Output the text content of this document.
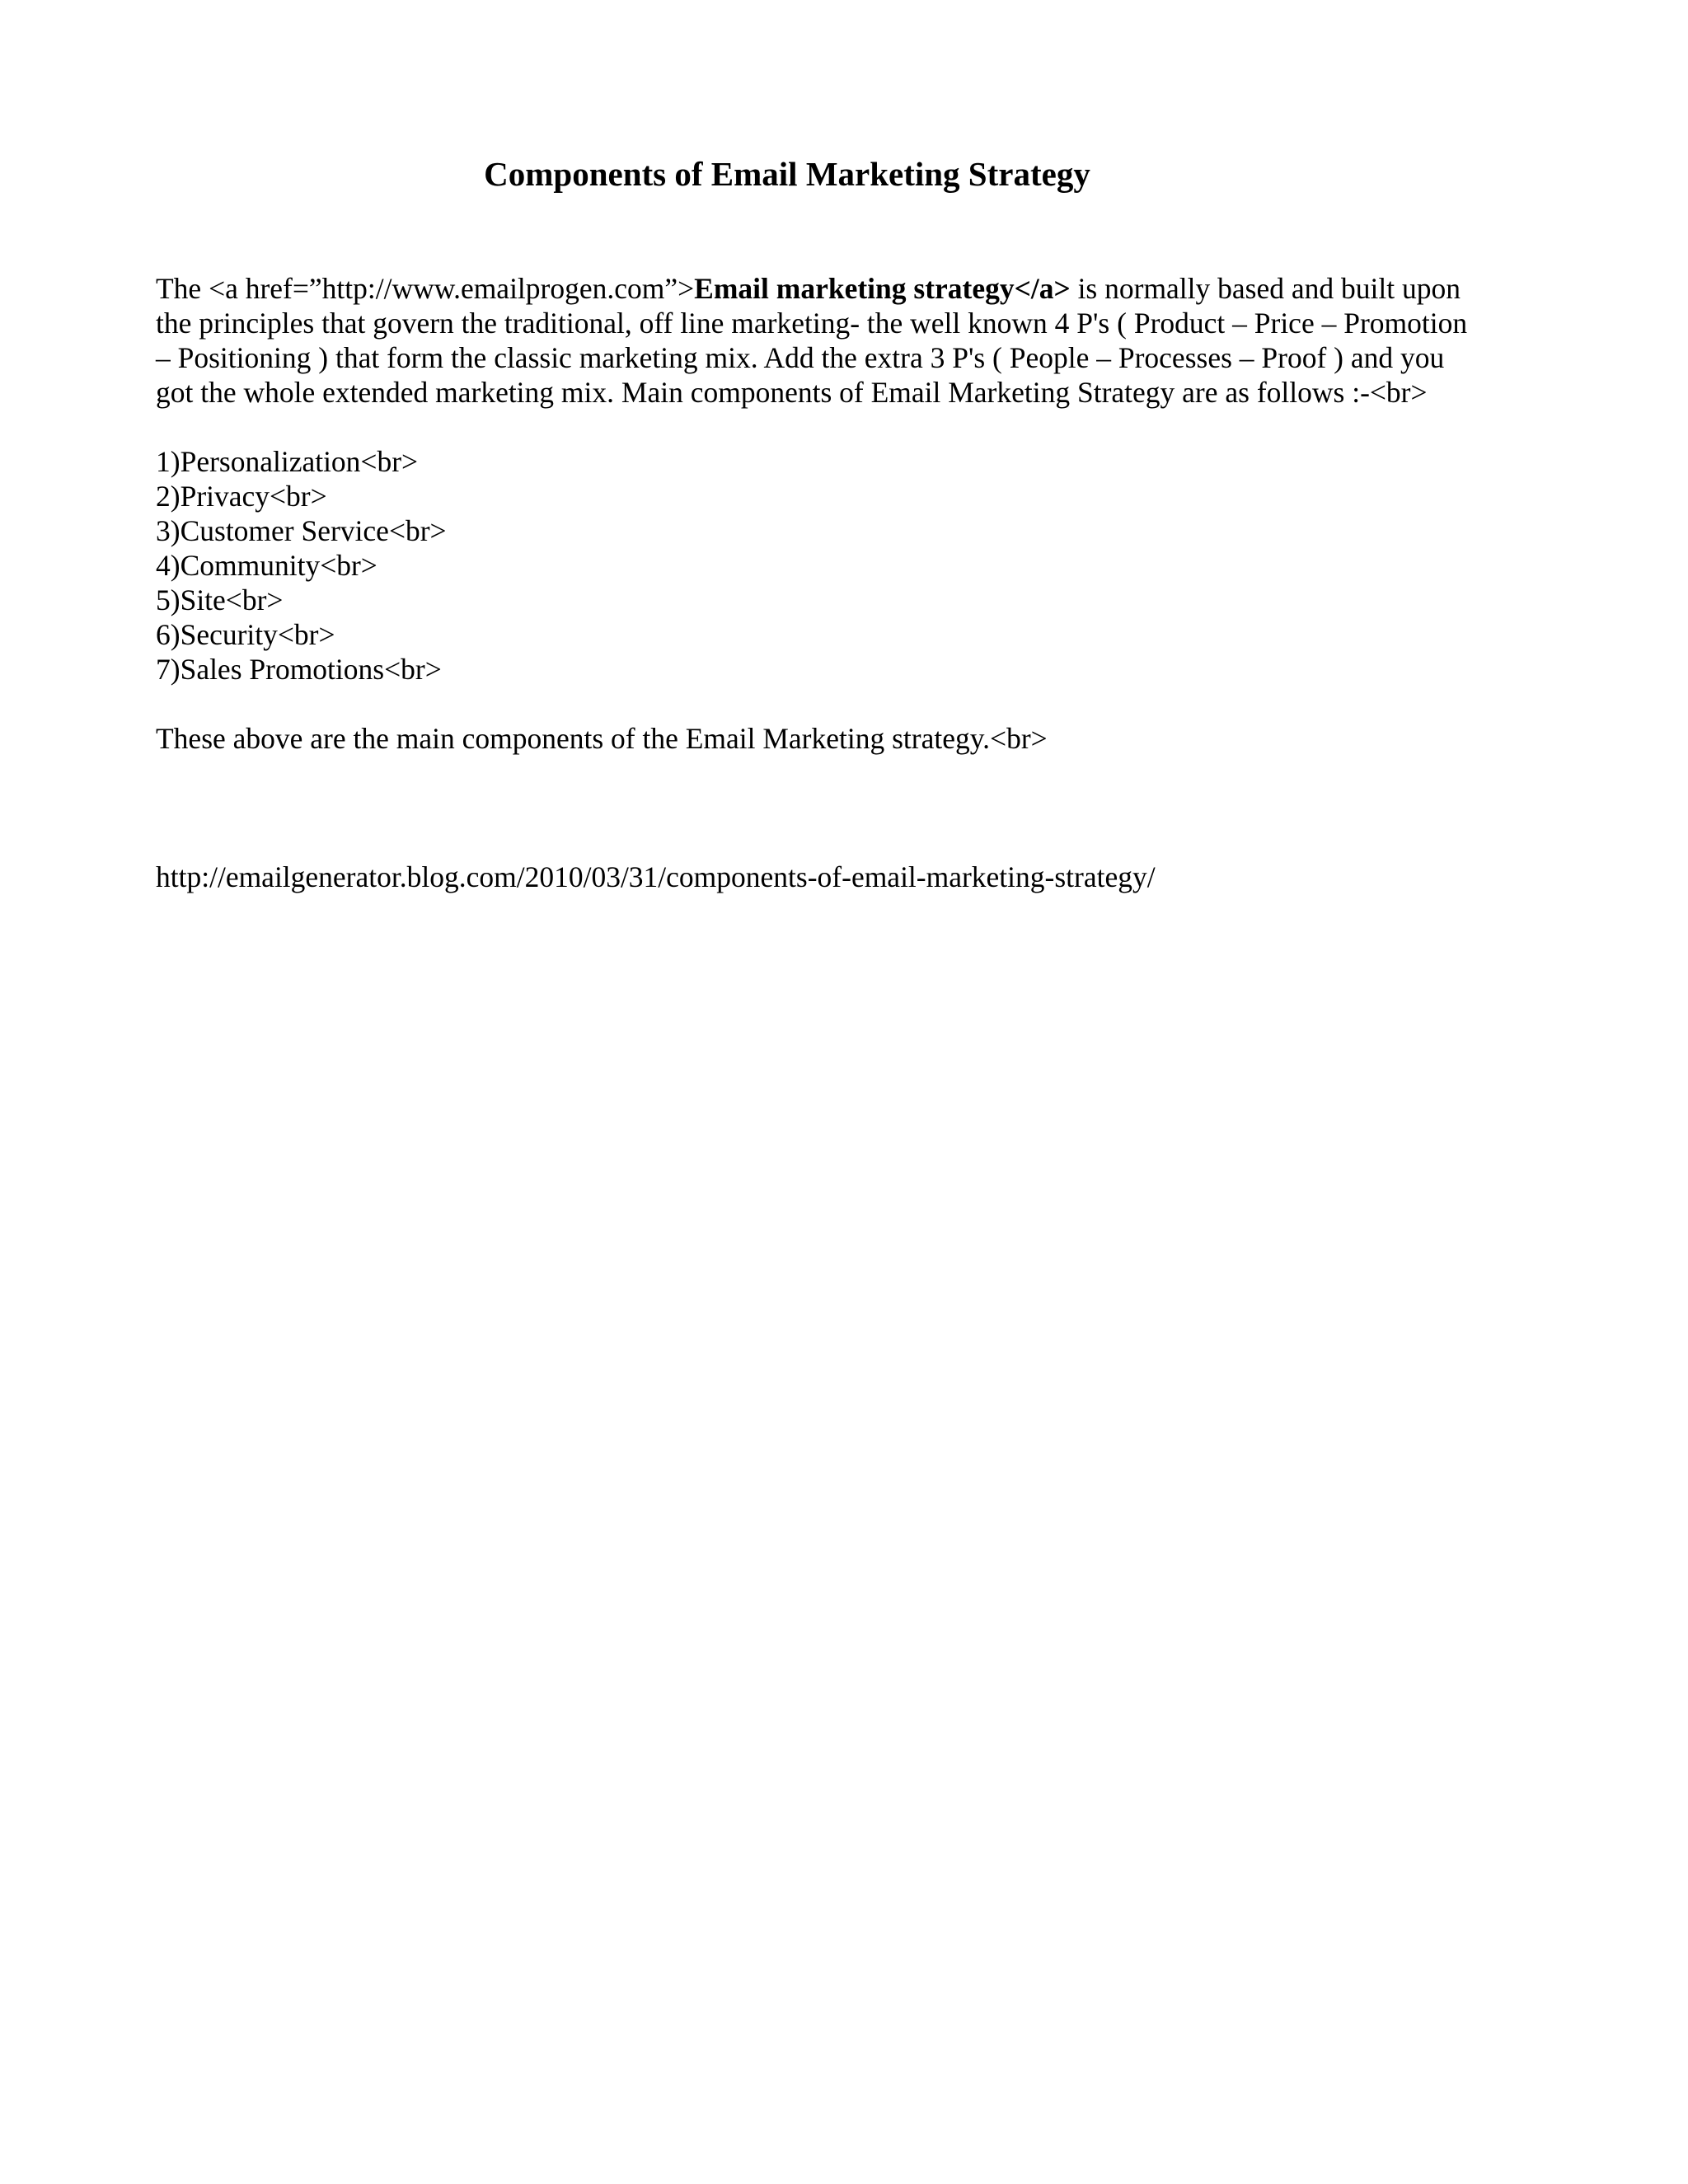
Components of Email Marketing Strategy

The <a href=”http://www.emailprogen.com”>Email marketing strategy</a> is normally based and built upon
the principles that govern the traditional, off line marketing- the well known 4 P's ( Product – Price – Promotion
– Positioning ) that form the classic marketing mix. Add the extra 3 P's ( People – Processes – Proof ) and you
got the whole extended marketing mix. Main components of Email Marketing Strategy are as follows :-<br>

1)Personalization<br>
2)Privacy<br>
3)Customer Service<br>
4)Community<br>
5)Site<br>
6)Security<br>
7)Sales Promotions<br>

These above are the main components of the Email Marketing strategy.<br>

http://emailgenerator.blog.com/2010/03/31/components-of-email-marketing-strategy/
